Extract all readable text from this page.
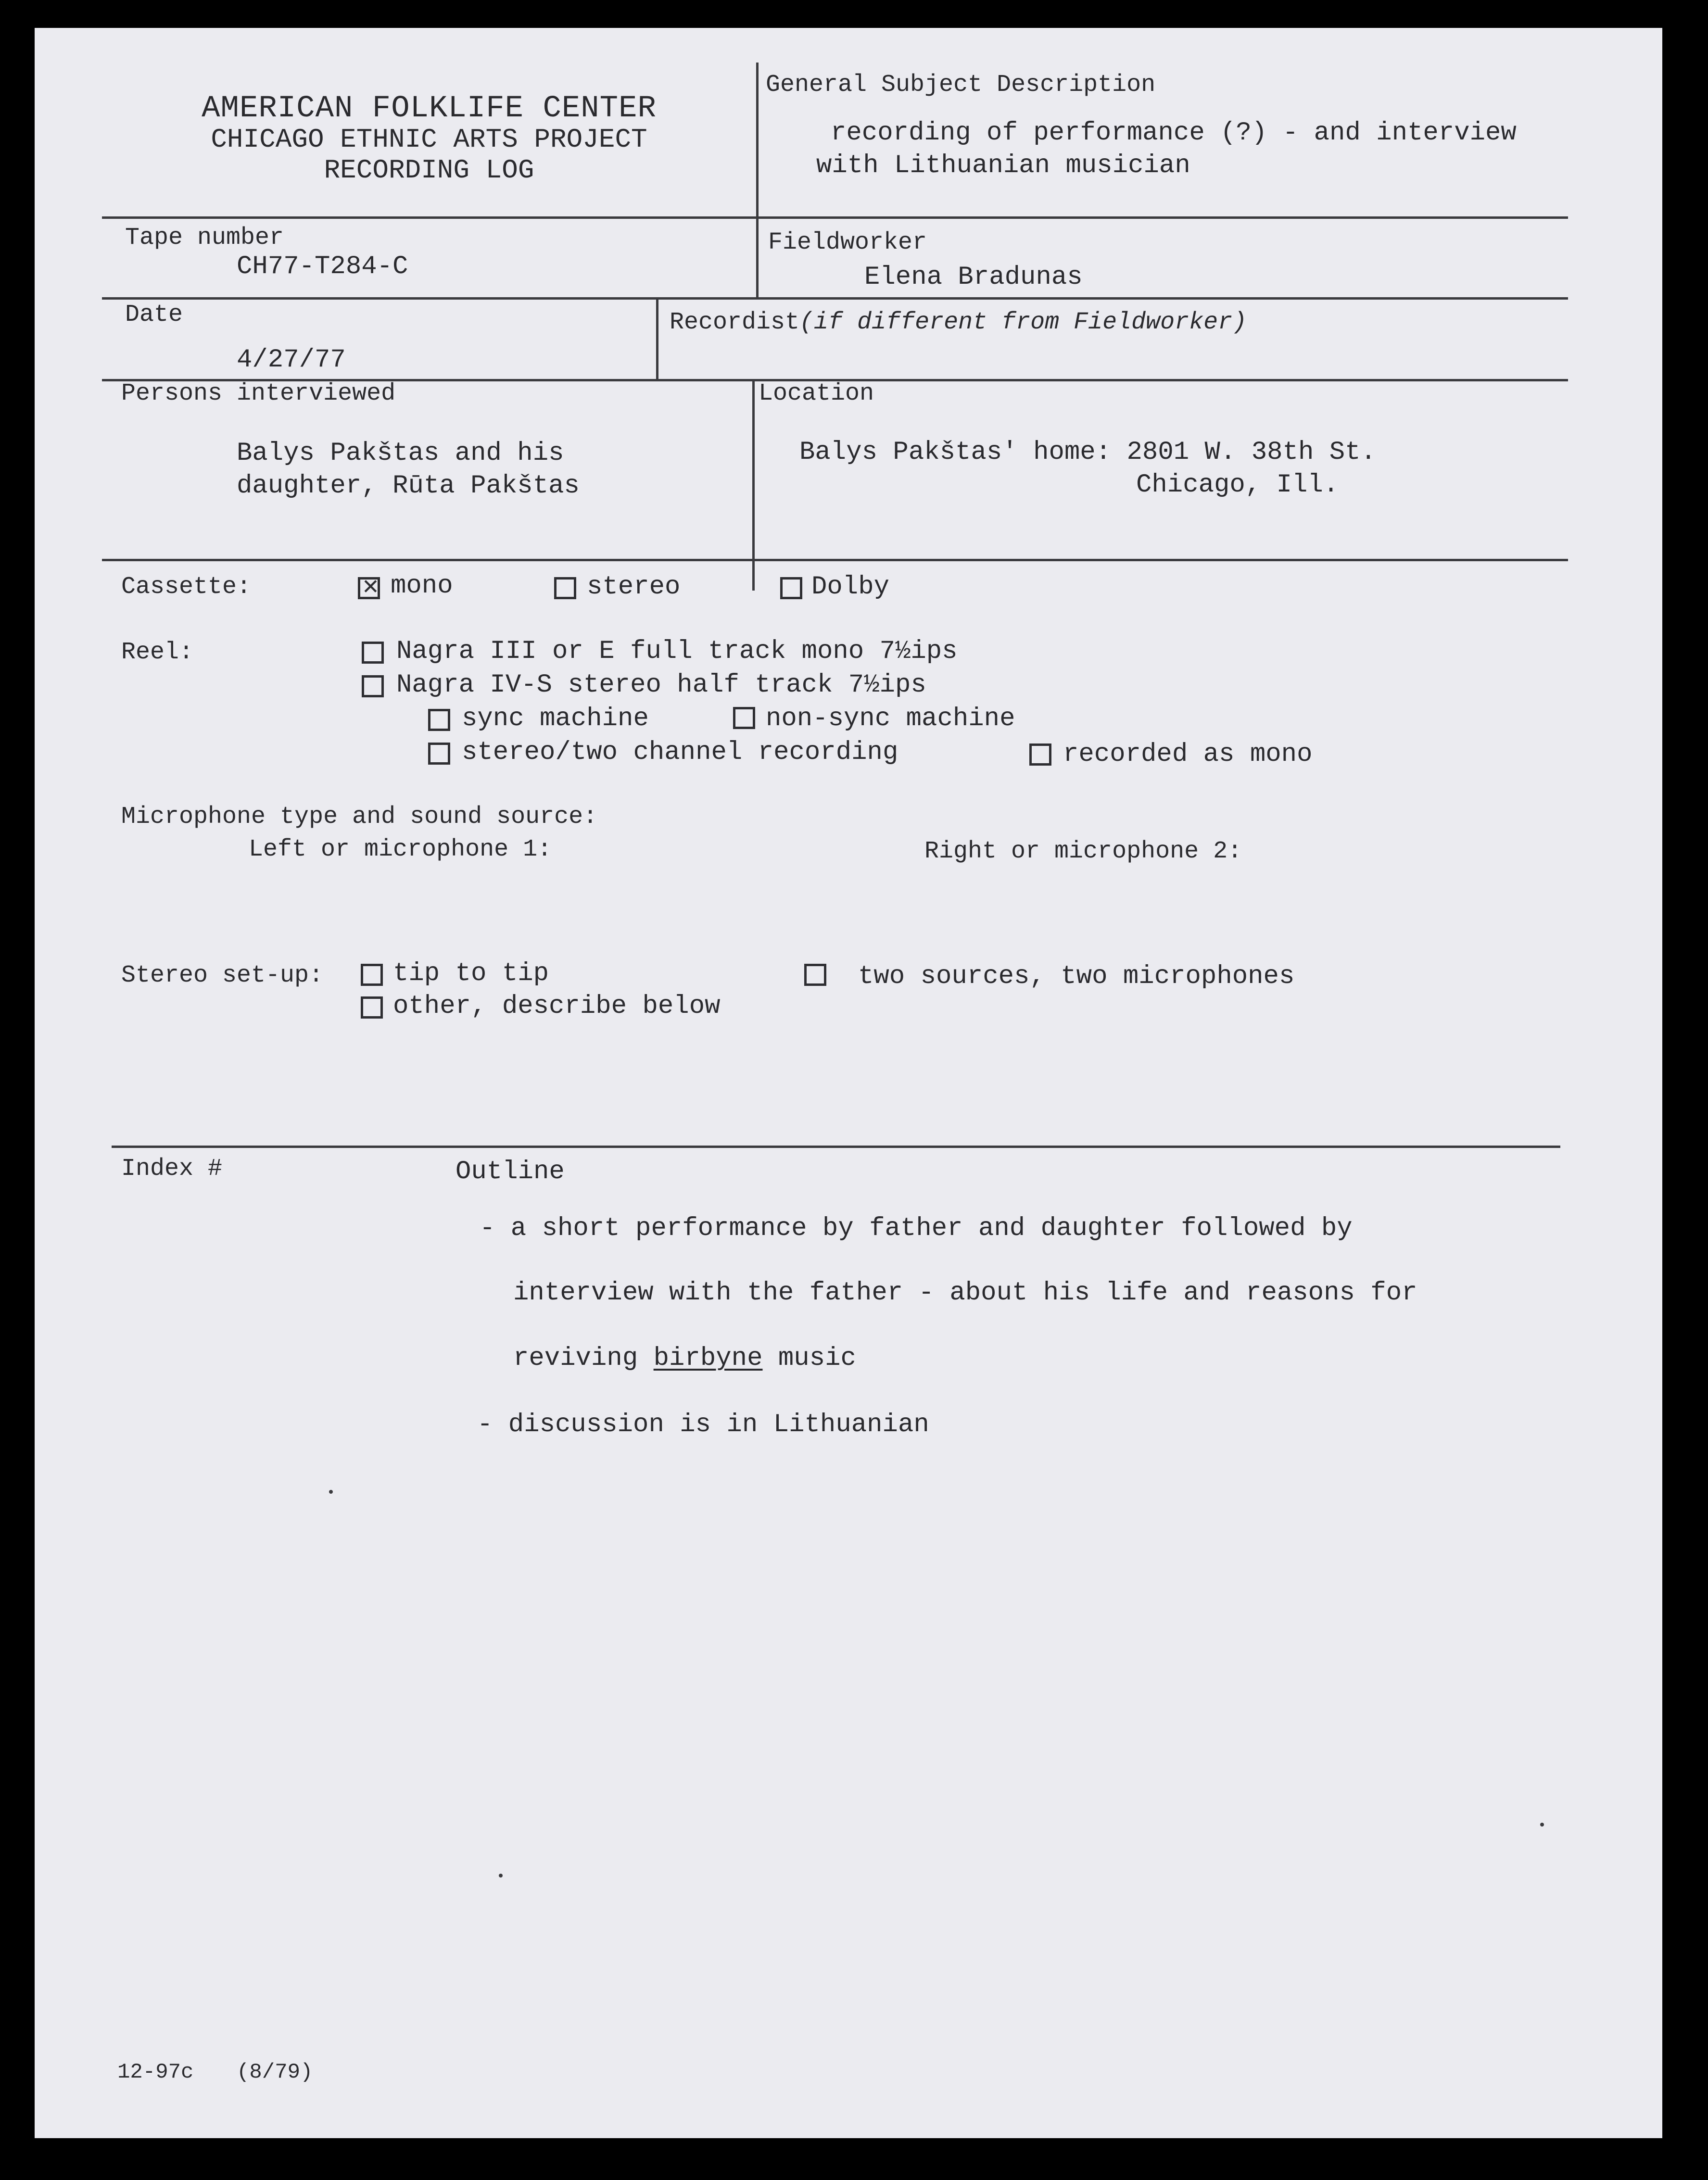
AMERICAN FOLKLIFE CENTER
CHICAGO ETHNIC ARTS PROJECT
RECORDING LOG
General Subject Description
recording of performance (?) - and interview
with Lithuanian musician
Tape number
CH77-T284-C
Fieldworker
Elena Bradunas
Date
4/27/77
Recordist(if different from Fieldworker)
Persons interviewed
Balys Pakštas and his
daughter, Rūta Pakštas
Location
Balys Pakštas' home: 2801 W. 38th St.
Chicago, Ill.
Cassette:
✕	mono	stereo	Dolby
Reel:	Nagra III or E full track mono 7½ips
Nagra IV-S stereo half track 7½ips
sync machine	non-sync machine
stereo/two channel recording	recorded as mono
Microphone type and sound source:
Left or microphone 1:	Right or microphone 2:
Stereo set-up:	tip to tip
other, describe below
two sources, two microphones
Index #	Outline
- a short performance by father and daughter followed by
interview with the father - about his life and reasons for
reviving birbyne music
- discussion is in Lithuanian
12-97c (8/79)
